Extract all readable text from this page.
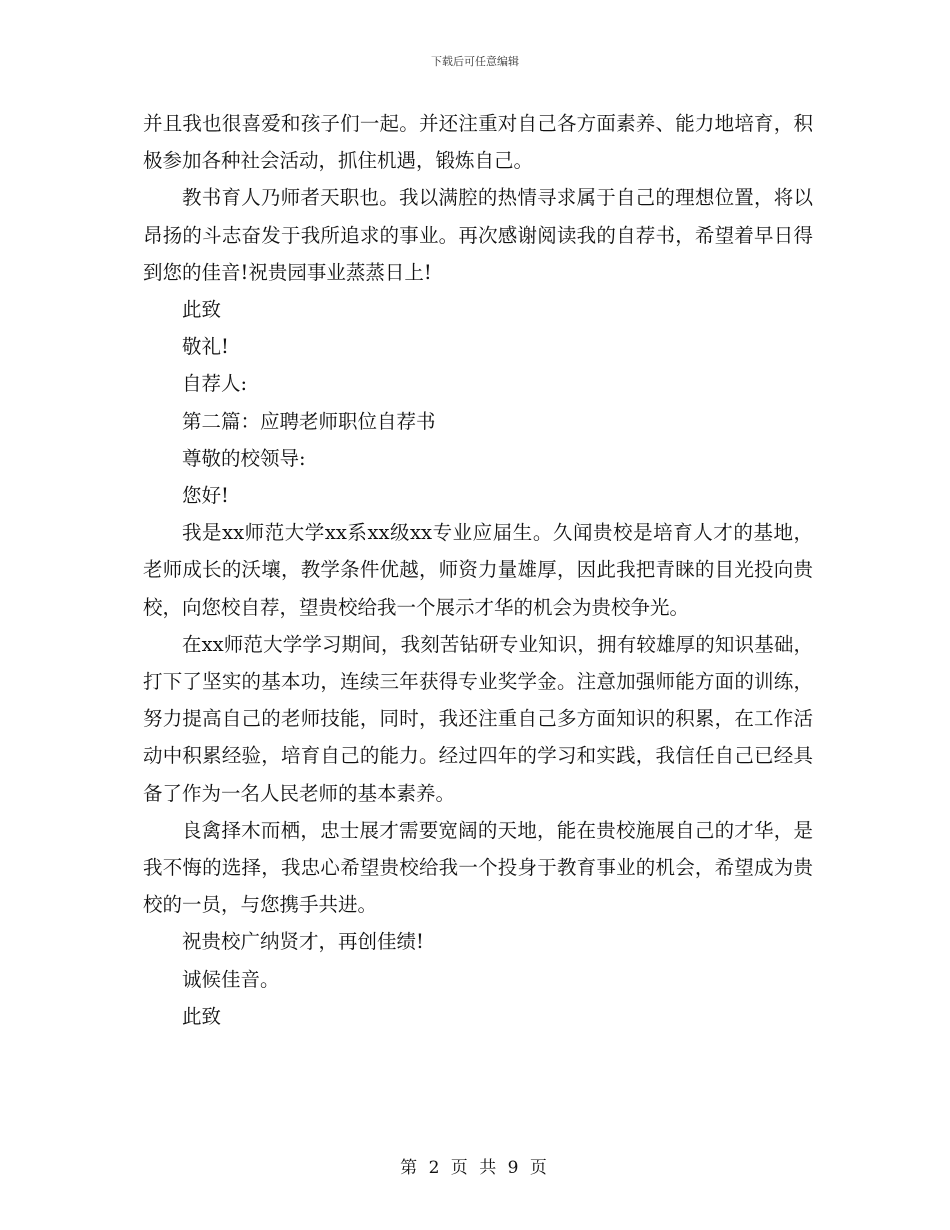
下载后可任意编辑

并且我也很喜爱和孩子们一起。并还注重对自己各方面素养、能力地培育，积极参加各种社会活动，抓住机遇，锻炼自己。

教书育人乃师者天职也。我以满腔的热情寻求属于自己的理想位置，将以昂扬的斗志奋发于我所追求的事业。再次感谢阅读我的自荐书，希望着早日得到您的佳音!祝贵园事业蒸蒸日上!

此致

敬礼!

自荐人:

第二篇：应聘老师职位自荐书

尊敬的校领导:

您好!

我是xx师范大学xx系xx级xx专业应届生。久闻贵校是培育人才的基地，老师成长的沃壤，教学条件优越，师资力量雄厚，因此我把青睐的目光投向贵校，向您校自荐，望贵校给我一个展示才华的机会为贵校争光。

在xx师范大学学习期间，我刻苦钻研专业知识，拥有较雄厚的知识基础，打下了坚实的基本功，连续三年获得专业奖学金。注意加强师能方面的训练，努力提高自己的老师技能，同时，我还注重自己多方面知识的积累，在工作活动中积累经验，培育自己的能力。经过四年的学习和实践，我信任自己已经具备了作为一名人民老师的基本素养。

良禽择木而栖，忠士展才需要宽阔的天地，能在贵校施展自己的才华，是我不悔的选择，我忠心希望贵校给我一个投身于教育事业的机会，希望成为贵校的一员，与您携手共进。

祝贵校广纳贤才，再创佳绩!

诚候佳音。

此致

第 2 页 共 9 页
